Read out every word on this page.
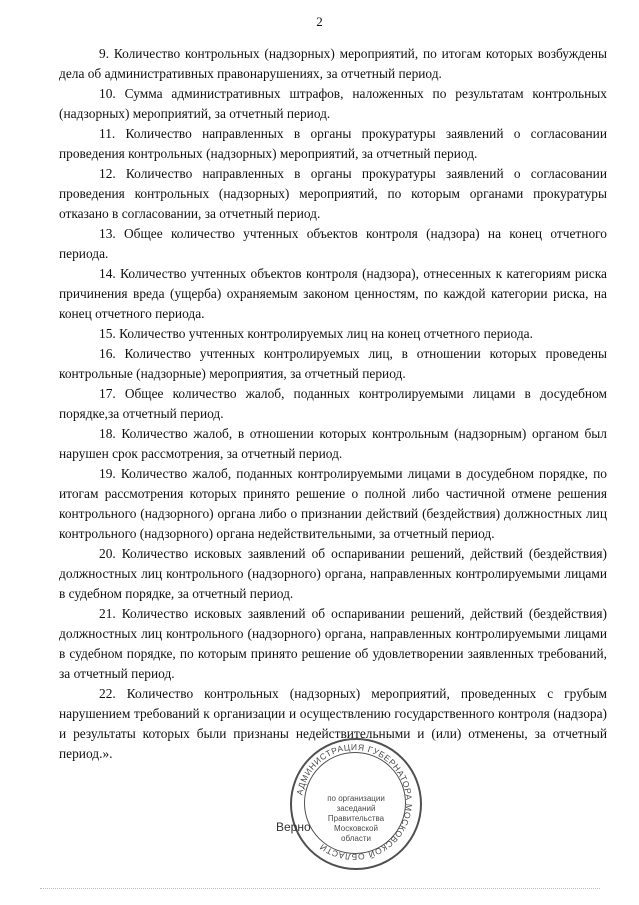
2

9. Количество контрольных (надзорных) мероприятий, по итогам которых возбуждены дела об административных правонарушениях, за отчетный период.

10. Сумма административных штрафов, наложенных по результатам контрольных (надзорных) мероприятий, за отчетный период.

11. Количество направленных в органы прокуратуры заявлений о согласовании проведения контрольных (надзорных) мероприятий, за отчетный период.

12. Количество направленных в органы прокуратуры заявлений о согласовании проведения контрольных (надзорных) мероприятий, по которым органами прокуратуры отказано в согласовании, за отчетный период.

13. Общее количество учтенных объектов контроля (надзора) на конец отчетного периода.

14. Количество учтенных объектов контроля (надзора), отнесенных к категориям риска причинения вреда (ущерба) охраняемым законом ценностям, по каждой категории риска, на конец отчетного периода.

15. Количество учтенных контролируемых лиц на конец отчетного периода.

16. Количество учтенных контролируемых лиц, в отношении которых проведены контрольные (надзорные) мероприятия, за отчетный период.

17. Общее количество жалоб, поданных контролируемыми лицами в досудебном порядке,за отчетный период.

18. Количество жалоб, в отношении которых контрольным (надзорным) органом был нарушен срок рассмотрения, за отчетный период.

19. Количество жалоб, поданных контролируемыми лицами в досудебном порядке, по итогам рассмотрения которых принято решение о полной либо частичной отмене решения контрольного (надзорного) органа либо о признании действий (бездействия) должностных лиц контрольного (надзорного) органа недействительными, за отчетный период.

20. Количество исковых заявлений об оспаривании решений, действий (бездействия) должностных лиц контрольного (надзорного) органа, направленных контролируемыми лицами в судебном порядке, за отчетный период.

21. Количество исковых заявлений об оспаривании решений, действий (бездействия) должностных лиц контрольного (надзорного) органа, направленных контролируемыми лицами в судебном порядке, по которым принято решение об удовлетворении заявленных требований, за отчетный период.

22. Количество контрольных (надзорных) мероприятий, проведенных с грубым нарушением требований к организации и осуществлению государственного контроля (надзора) и результаты которых были признаны недействительными и (или) отменены, за отчетный период.».

Верно
АДМИНИСТРАЦИЯ ГУБЕРНАТОРА МОСКОВСКОЙ ОБЛАСТИ
по организации
заседаний
Правительства
Московской
области
